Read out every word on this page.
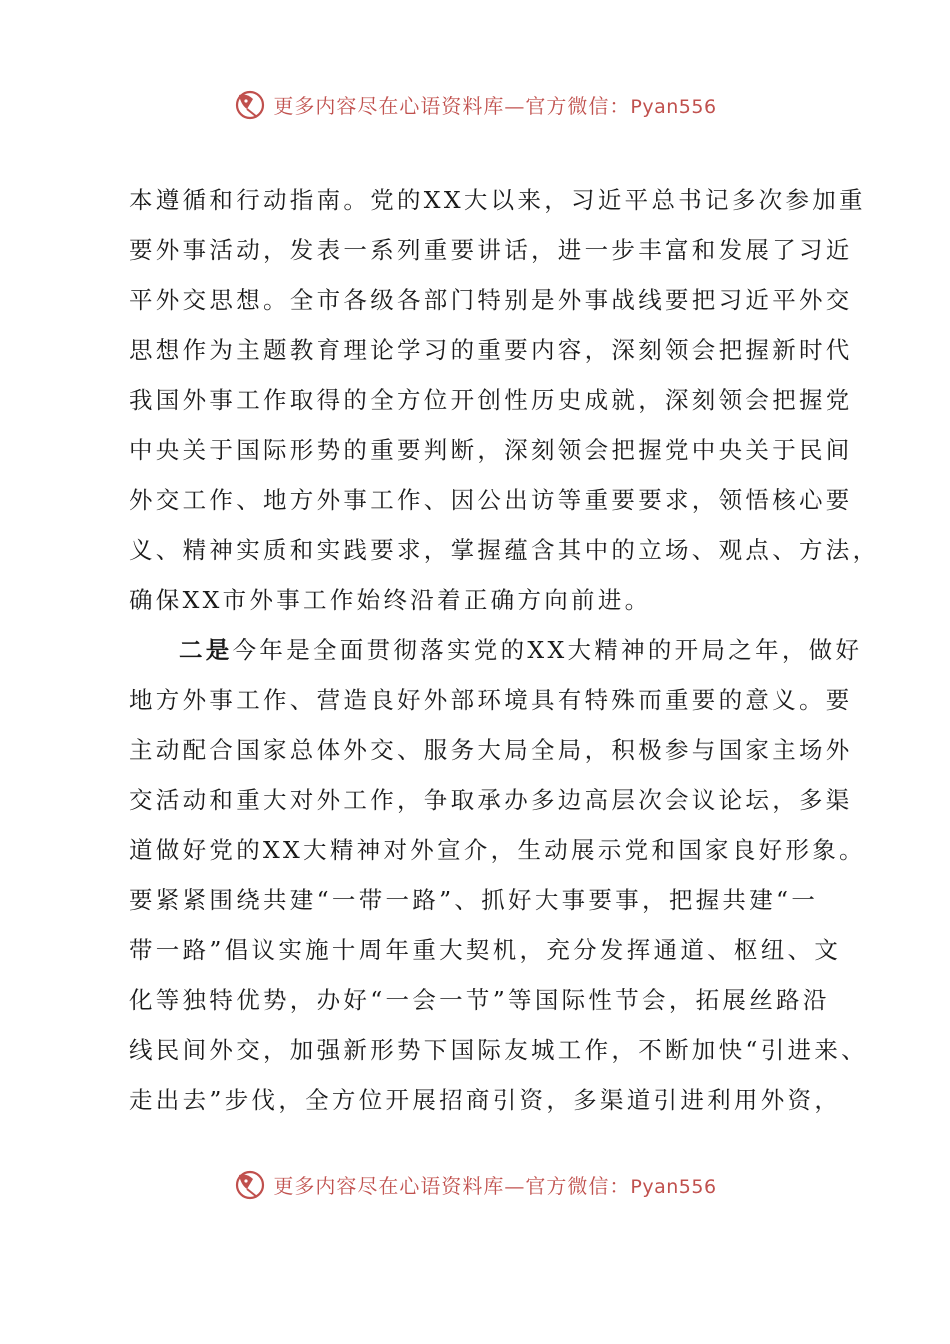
更多内容尽在心语资料库—官方微信：Pyan556
本遵循和行动指南。党的XX大以来，习近平总书记多次参加重
要外事活动，发表一系列重要讲话，进一步丰富和发展了习近
平外交思想。全市各级各部门特别是外事战线要把习近平外交
思想作为主题教育理论学习的重要内容，深刻领会把握新时代
我国外事工作取得的全方位开创性历史成就，深刻领会把握党
中央关于国际形势的重要判断，深刻领会把握党中央关于民间
外交工作、地方外事工作、因公出访等重要要求，领悟核心要
义、精神实质和实践要求，掌握蕴含其中的立场、观点、方法，
确保XX市外事工作始终沿着正确方向前进。
二是今年是全面贯彻落实党的XX大精神的开局之年，做好
地方外事工作、营造良好外部环境具有特殊而重要的意义。要
主动配合国家总体外交、服务大局全局，积极参与国家主场外
交活动和重大对外工作，争取承办多边高层次会议论坛，多渠
道做好党的XX大精神对外宣介，生动展示党和国家良好形象。
要紧紧围绕共建“一带一路”、抓好大事要事，把握共建“一
带一路”倡议实施十周年重大契机，充分发挥通道、枢纽、文
化等独特优势，办好“一会一节”等国际性节会，拓展丝路沿
线民间外交，加强新形势下国际友城工作，不断加快“引进来、
走出去”步伐，全方位开展招商引资，多渠道引进利用外资，
更多内容尽在心语资料库—官方微信：Pyan556
